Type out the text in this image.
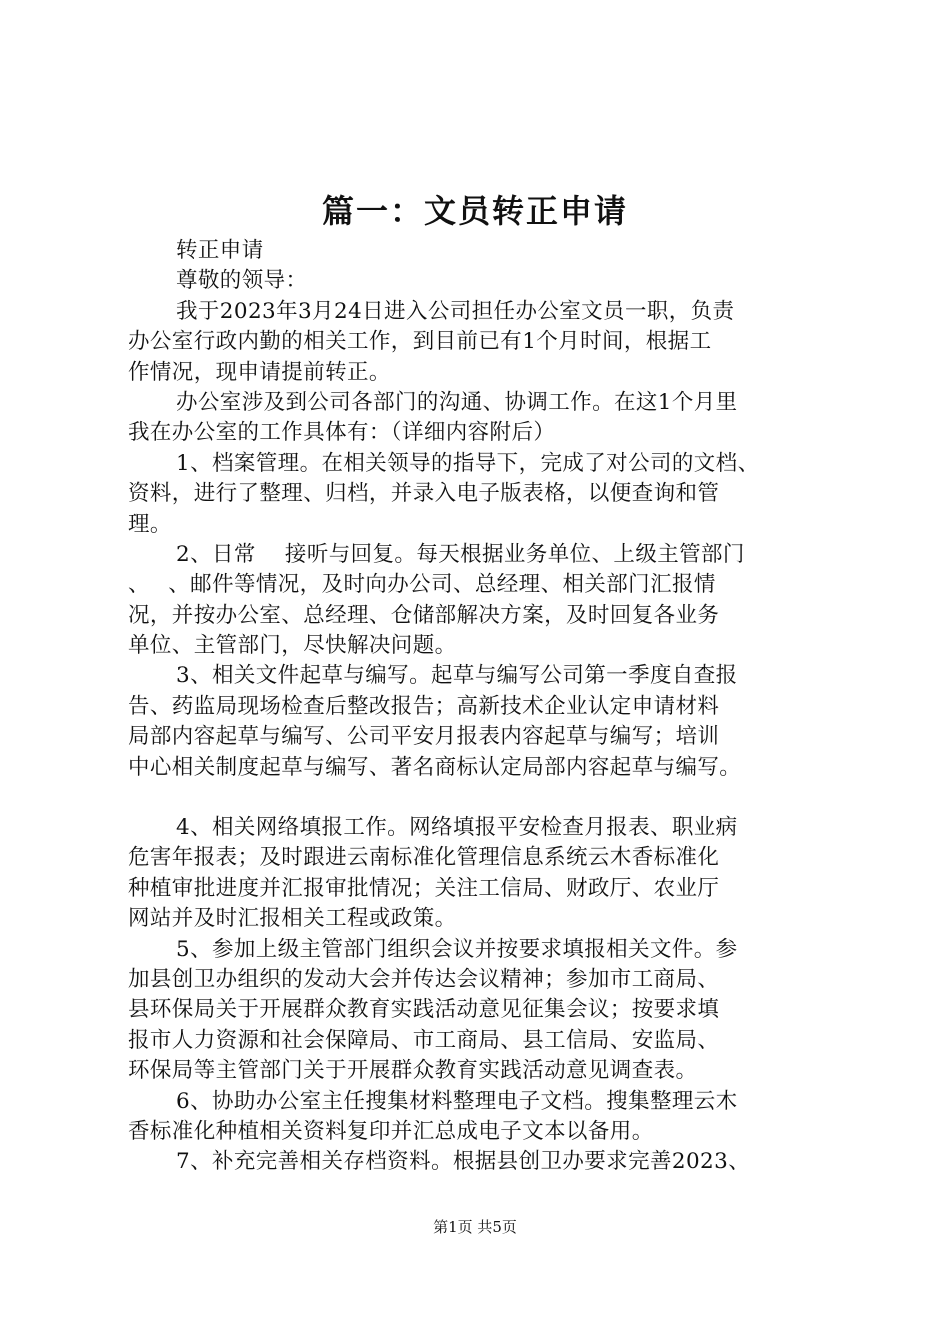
篇一：文员转正申请
转正申请
尊敬的领导：
我于2023年3月24日进入公司担任办公室文员一职，负责
办公室行政内勤的相关工作，到目前已有1个月时间，根据工
作情况，现申请提前转正。
办公室涉及到公司各部门的沟通、协调工作。在这1个月里
我在办公室的工作具体有：（详细内容附后）
1、档案管理。在相关领导的指导下，完成了对公司的文档、
资料，进行了整理、归档，并录入电子版表格，以便查询和管
理。
2、日常　 接听与回复。每天根据业务单位、上级主管部门
、　 、邮件等情况，及时向办公司、总经理、相关部门汇报情
况，并按办公室、总经理、仓储部解决方案，及时回复各业务
单位、主管部门，尽快解决问题。
3、相关文件起草与编写。起草与编写公司第一季度自查报
告、药监局现场检查后整改报告；高新技术企业认定申请材料
局部内容起草与编写、公司平安月报表内容起草与编写；培训
中心相关制度起草与编写、著名商标认定局部内容起草与编写。
4、相关网络填报工作。网络填报平安检查月报表、职业病
危害年报表；及时跟进云南标准化管理信息系统云木香标准化
种植审批进度并汇报审批情况；关注工信局、财政厅、农业厅
网站并及时汇报相关工程或政策。
5、参加上级主管部门组织会议并按要求填报相关文件。参
加县创卫办组织的发动大会并传达会议精神；参加市工商局、
县环保局关于开展群众教育实践活动意见征集会议；按要求填
报市人力资源和社会保障局、市工商局、县工信局、安监局、
环保局等主管部门关于开展群众教育实践活动意见调查表。
6、协助办公室主任搜集材料整理电子文档。搜集整理云木
香标准化种植相关资料复印并汇总成电子文本以备用。
7、补充完善相关存档资料。根据县创卫办要求完善2023、
第1页 共5页
